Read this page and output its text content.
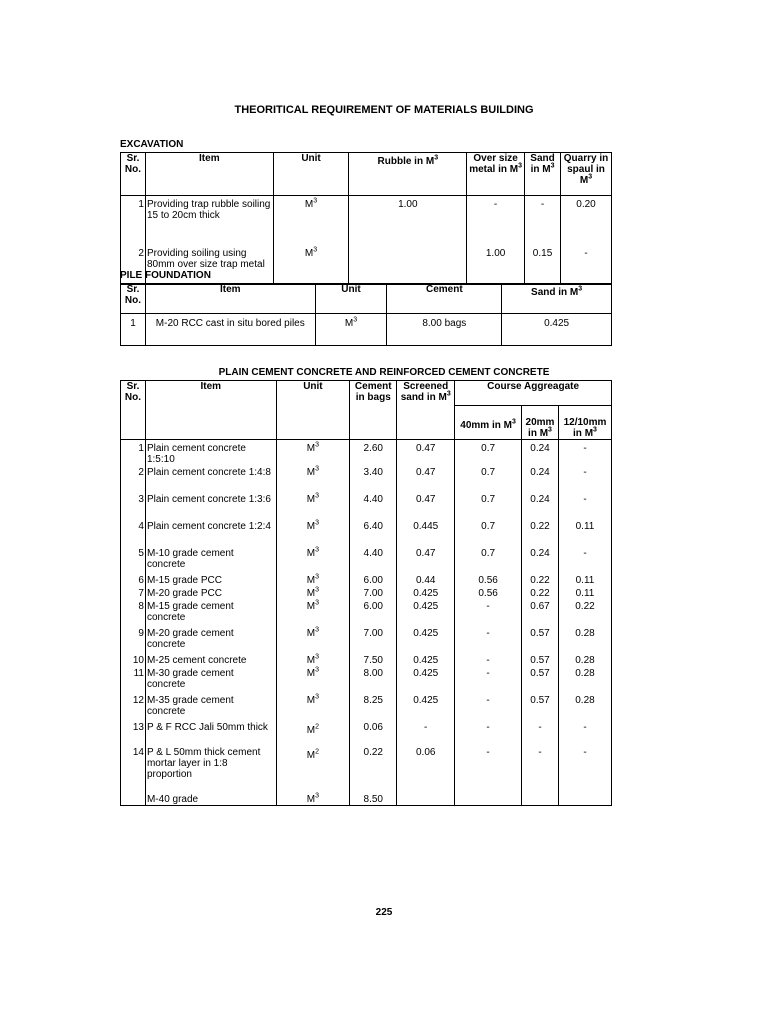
THEORITICAL REQUIREMENT OF MATERIALS BUILDING
EXCAVATION
Sr. No.	Item	Unit	Rubble in $M^3$	Over size metal in $M^3$	Sand in $M^3$	Quarry in spaul in $M^3$
1	Providing trap rubble soiling 15 to 20cm thick	$M^3$	1.00	-	-	0.20
2	Providing soiling using 80mm over size trap metal	$M^3$		1.00	0.15	-
PILE FOUNDATION
Sr. No.	Item	Unit	Cement	Sand in $M^3$
1	M-20 RCC cast in situ bored piles	$M^3$	8.00 bags	0.425
PLAIN CEMENT CONCRETE AND REINFORCED CEMENT CONCRETE
Sr. No.	Item	Unit	Cement in bags	Screened sand in $M^3$	Course Aggreagate		
					40mm in $M^3$	20mm in $M^3$	12/10mm in $M^3$
1	Plain cement concrete 1:5:10	$M^3$	2.60	0.47	0.7	0.24	-
2	Plain cement concrete 1:4:8	$M^3$	3.40	0.47	0.7	0.24	-
3	Plain cement concrete 1:3:6	$M^3$	4.40	0.47	0.7	0.24	-
4	Plain cement concrete 1:2:4	$M^3$	6.40	0.445	0.7	0.22	0.11
5	M-10 grade cement concrete	$M^3$	4.40	0.47	0.7	0.24	-
6	M-15 grade PCC	$M^3$	6.00	0.44	0.56	0.22	0.11
7	M-20 grade PCC	$M^3$	7.00	0.425	0.56	0.22	0.11
8	M-15 grade cement concrete	$M^3$	6.00	0.425	-	0.67	0.22
9	M-20 grade cement concrete	$M^3$	7.00	0.425	-	0.57	0.28
10	M-25 cement concrete	$M^3$	7.50	0.425	-	0.57	0.28
11	M-30 grade cement concrete	$M^3$	8.00	0.425	-	0.57	0.28
12	M-35 grade cement concrete	$M^3$	8.25	0.425	-	0.57	0.28
13	P & F RCC Jali 50mm thick	$M^2$	0.06	-	-	-	-
14	P & L 50mm thick cement mortar layer in 1:8 proportion	$M^2$	0.22	0.06	-	-	-
	M-40 grade	$M^3$	8.50				
225
